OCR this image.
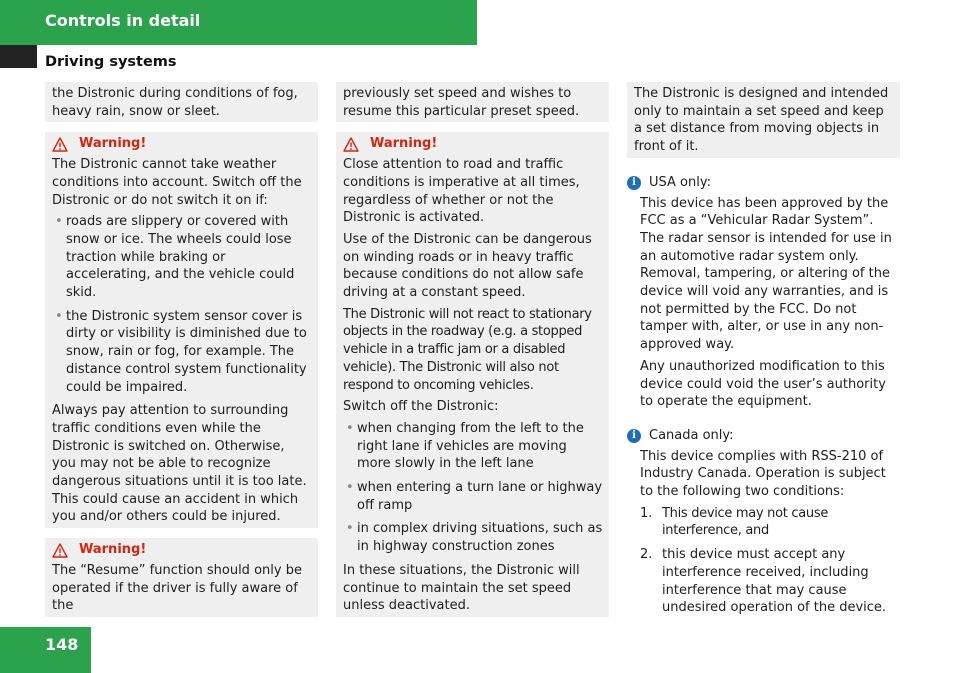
Controls in detail
Driving systems

the Distronic during conditions of fog, heavy rain, snow or sleet.

Warning!

The Distronic cannot take weather conditions into account. Switch off the Distronic or do not switch it on if:

• roads are slippery or covered with snow or ice. The wheels could lose traction while braking or accelerating, and the vehicle could skid.
• the Distronic system sensor cover is dirty or visibility is diminished due to snow, rain or fog, for example. The distance control system functionality could be impaired.

Always pay attention to surrounding traffic conditions even while the Distronic is switched on. Otherwise, you may not be able to recognize dangerous situations until it is too late. This could cause an accident in which you and/or others could be injured.

Warning!

The “Resume” function should only be operated if the driver is fully aware of the

previously set speed and wishes to resume this particular preset speed.

Warning!

Close attention to road and traffic conditions is imperative at all times, regardless of whether or not the Distronic is activated.

Use of the Distronic can be dangerous on winding roads or in heavy traffic because conditions do not allow safe driving at a constant speed.

The Distronic will not react to stationary objects in the roadway (e.g. a stopped vehicle in a traffic jam or a disabled vehicle). The Distronic will also not respond to oncoming vehicles.

Switch off the Distronic:

• when changing from the left to the right lane if vehicles are moving more slowly in the left lane
• when entering a turn lane or highway off ramp
• in complex driving situations, such as in highway construction zones

In these situations, the Distronic will continue to maintain the set speed unless deactivated.

The Distronic is designed and intended only to maintain a set speed and keep a set distance from moving objects in front of it.

i	USA only:

This device has been approved by the FCC as a “Vehicular Radar System”. The radar sensor is intended for use in an automotive radar system only. Removal, tampering, or altering of the device will void any warranties, and is not permitted by the FCC. Do not tamper with, alter, or use in any non-approved way.

Any unauthorized modification to this device could void the user’s authority to operate the equipment.

i	Canada only:

This device complies with RSS-210 of Industry Canada. Operation is subject to the following two conditions:

1. This device may not cause interference, and
2. this device must accept any interference received, including interference that may cause undesired operation of the device.
148
